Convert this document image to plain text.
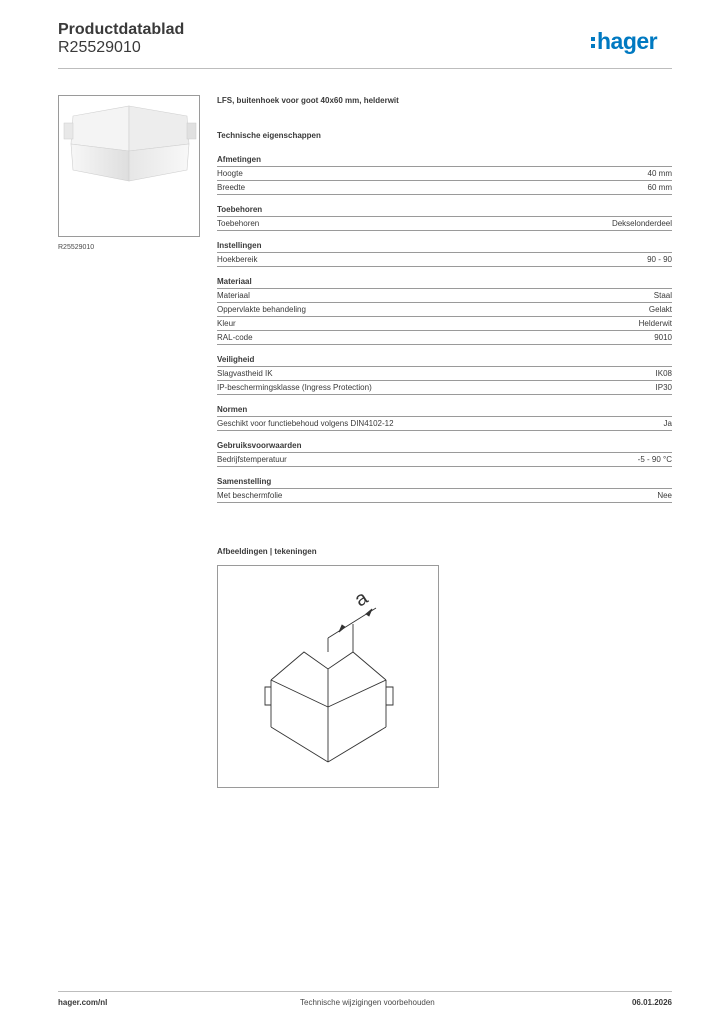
Productdatablad
R25529010	hager
R25529010
LFS, buitenhoek voor goot 40x60 mm, helderwit
Technische eigenschappen
Afmetingen
Hoogte	40 mm
Breedte	60 mm
Toebehoren
Toebehoren	Dekselonderdeel
Instellingen
Hoekbereik	90 - 90
Materiaal
Materiaal	Staal
Oppervlakte behandeling	Gelakt
Kleur	Helderwit
RAL-code	9010
Veiligheid
Slagvastheid IK	IK08
IP-beschermingsklasse (Ingress Protection)	IP30
Normen
Geschikt voor functiebehoud volgens DIN4102-12	Ja
Gebruiksvoorwaarden
Bedrijfstemperatuur	-5 - 90 °C
Samenstelling
Met beschermfolie	Nee
Afbeeldingen | tekeningen
a
hager.com/nl	Technische wijzigingen voorbehouden	06.01.2026
